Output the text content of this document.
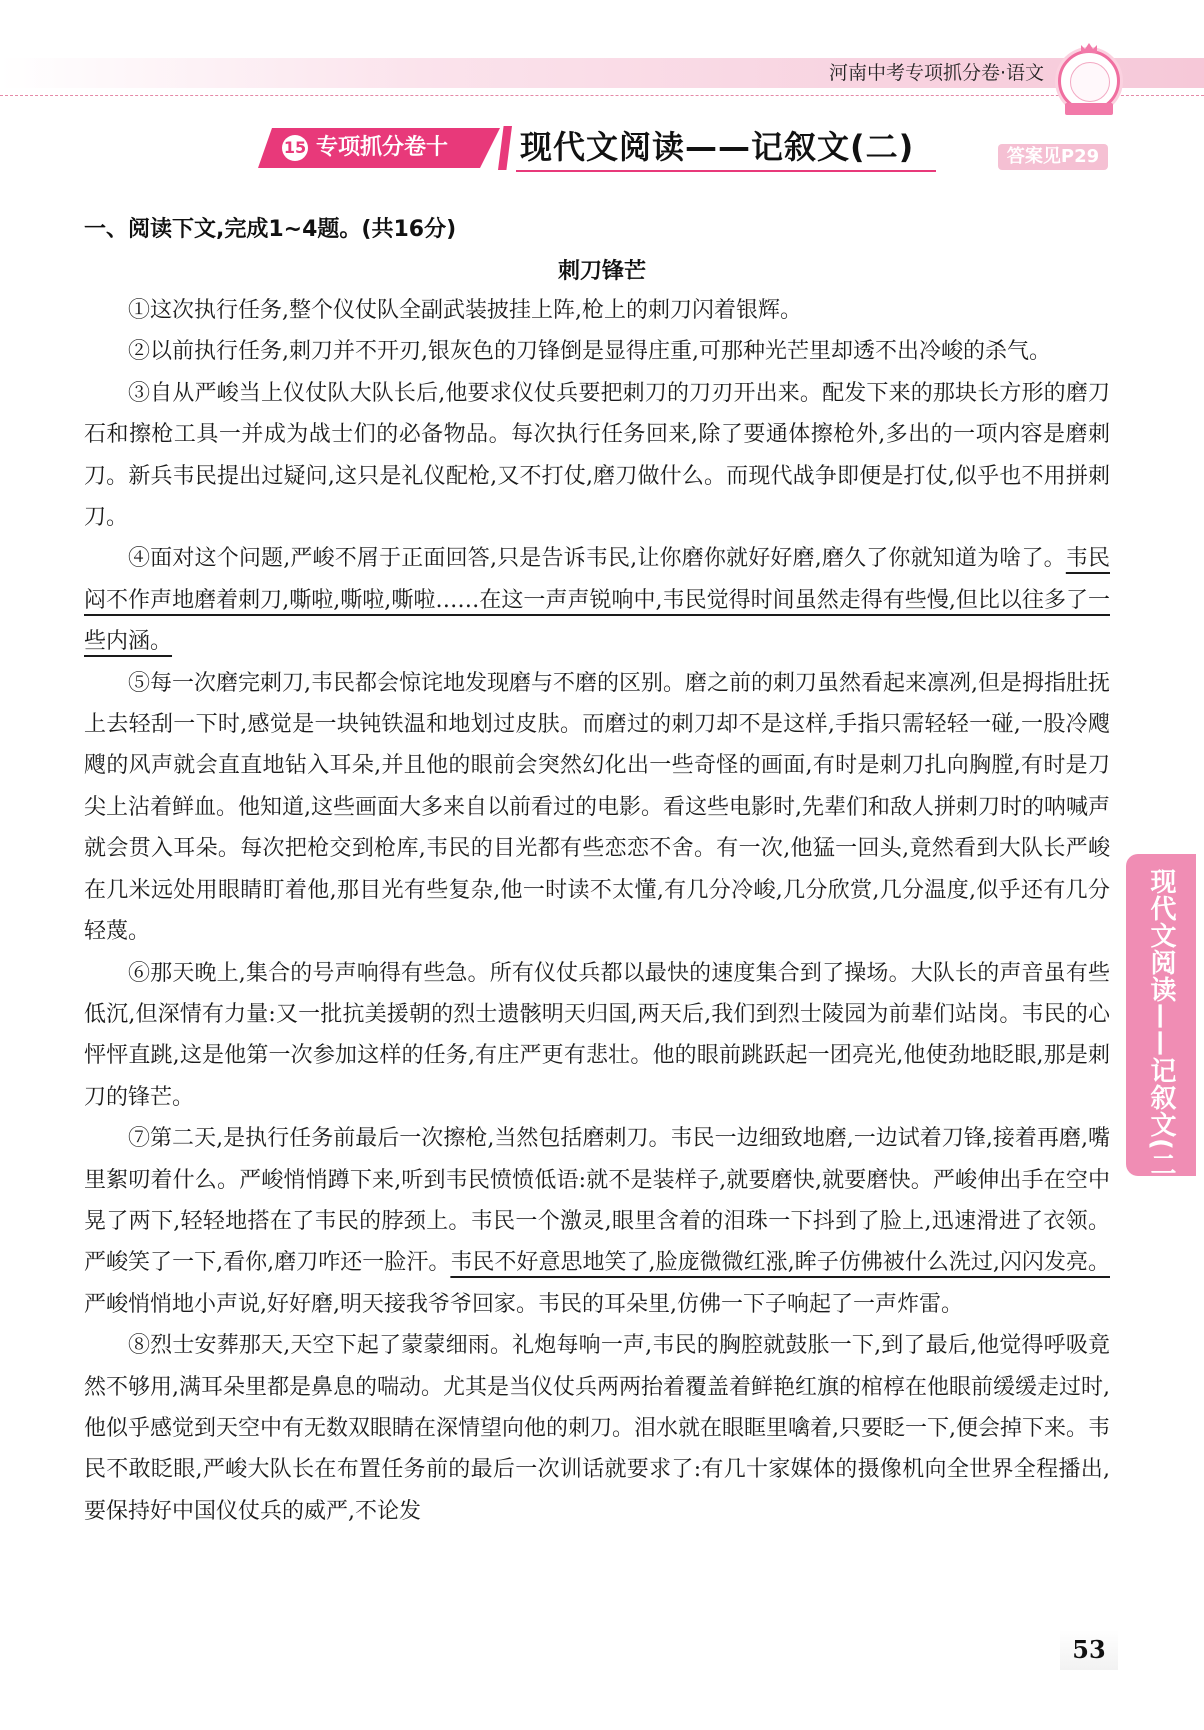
河南中考专项抓分卷·语文
15 专项抓分卷十 现代文阅读——记叙文(二)	答案见P29
一、阅读下文,完成1~4题。(共16分)
刺刀锋芒

①这次执行任务,整个仪仗队全副武装披挂上阵,枪上的刺刀闪着银辉。

②以前执行任务,刺刀并不开刃,银灰色的刀锋倒是显得庄重,可那种光芒里却透不出冷峻的杀气。

③自从严峻当上仪仗队大队长后,他要求仪仗兵要把刺刀的刀刃开出来。配发下来的那块长方形的磨刀石和擦枪工具一并成为战士们的必备物品。每次执行任务回来,除了要通体擦枪外,多出的一项内容是磨刺刀。新兵韦民提出过疑问,这只是礼仪配枪,又不打仗,磨刀做什么。而现代战争即便是打仗,似乎也不用拼刺刀。

④面对这个问题,严峻不屑于正面回答,只是告诉韦民,让你磨你就好好磨,磨久了你就知道为啥了。韦民闷不作声地磨着刺刀,嘶啦,嘶啦,嘶啦……在这一声声锐响中,韦民觉得时间虽然走得有些慢,但比以往多了一些内涵。

⑤每一次磨完刺刀,韦民都会惊诧地发现磨与不磨的区别。磨之前的刺刀虽然看起来凛冽,但是拇指肚抚上去轻刮一下时,感觉是一块钝铁温和地划过皮肤。而磨过的刺刀却不是这样,手指只需轻轻一碰,一股冷飕飕的风声就会直直地钻入耳朵,并且他的眼前会突然幻化出一些奇怪的画面,有时是刺刀扎向胸膛,有时是刀尖上沾着鲜血。他知道,这些画面大多来自以前看过的电影。看这些电影时,先辈们和敌人拼刺刀时的呐喊声就会贯入耳朵。每次把枪交到枪库,韦民的目光都有些恋恋不舍。有一次,他猛一回头,竟然看到大队长严峻在几米远处用眼睛盯着他,那目光有些复杂,他一时读不太懂,有几分冷峻,几分欣赏,几分温度,似乎还有几分轻蔑。

⑥那天晚上,集合的号声响得有些急。所有仪仗兵都以最快的速度集合到了操场。大队长的声音虽有些低沉,但深情有力量:又一批抗美援朝的烈士遗骸明天归国,两天后,我们到烈士陵园为前辈们站岗。韦民的心怦怦直跳,这是他第一次参加这样的任务,有庄严更有悲壮。他的眼前跳跃起一团亮光,他使劲地眨眼,那是刺刀的锋芒。

⑦第二天,是执行任务前最后一次擦枪,当然包括磨刺刀。韦民一边细致地磨,一边试着刀锋,接着再磨,嘴里絮叨着什么。严峻悄悄蹲下来,听到韦民愤愤低语:就不是装样子,就要磨快,就要磨快。严峻伸出手在空中晃了两下,轻轻地搭在了韦民的脖颈上。韦民一个激灵,眼里含着的泪珠一下抖到了脸上,迅速滑进了衣领。严峻笑了一下,看你,磨刀咋还一脸汗。韦民不好意思地笑了,脸庞微微红涨,眸子仿佛被什么洗过,闪闪发亮。严峻悄悄地小声说,好好磨,明天接我爷爷回家。韦民的耳朵里,仿佛一下子响起了一声炸雷。

⑧烈士安葬那天,天空下起了蒙蒙细雨。礼炮每响一声,韦民的胸腔就鼓胀一下,到了最后,他觉得呼吸竟然不够用,满耳朵里都是鼻息的喘动。尤其是当仪仗兵两两抬着覆盖着鲜艳红旗的棺椁在他眼前缓缓走过时,他似乎感觉到天空中有无数双眼睛在深情望向他的刺刀。泪水就在眼眶里噙着,只要眨一下,便会掉下来。韦民不敢眨眼,严峻大队长在布置任务前的最后一次训话就要求了:有几十家媒体的摄像机向全世界全程播出,要保持好中国仪仗兵的威严,不论发

现代文阅读——记叙文(二)
53
